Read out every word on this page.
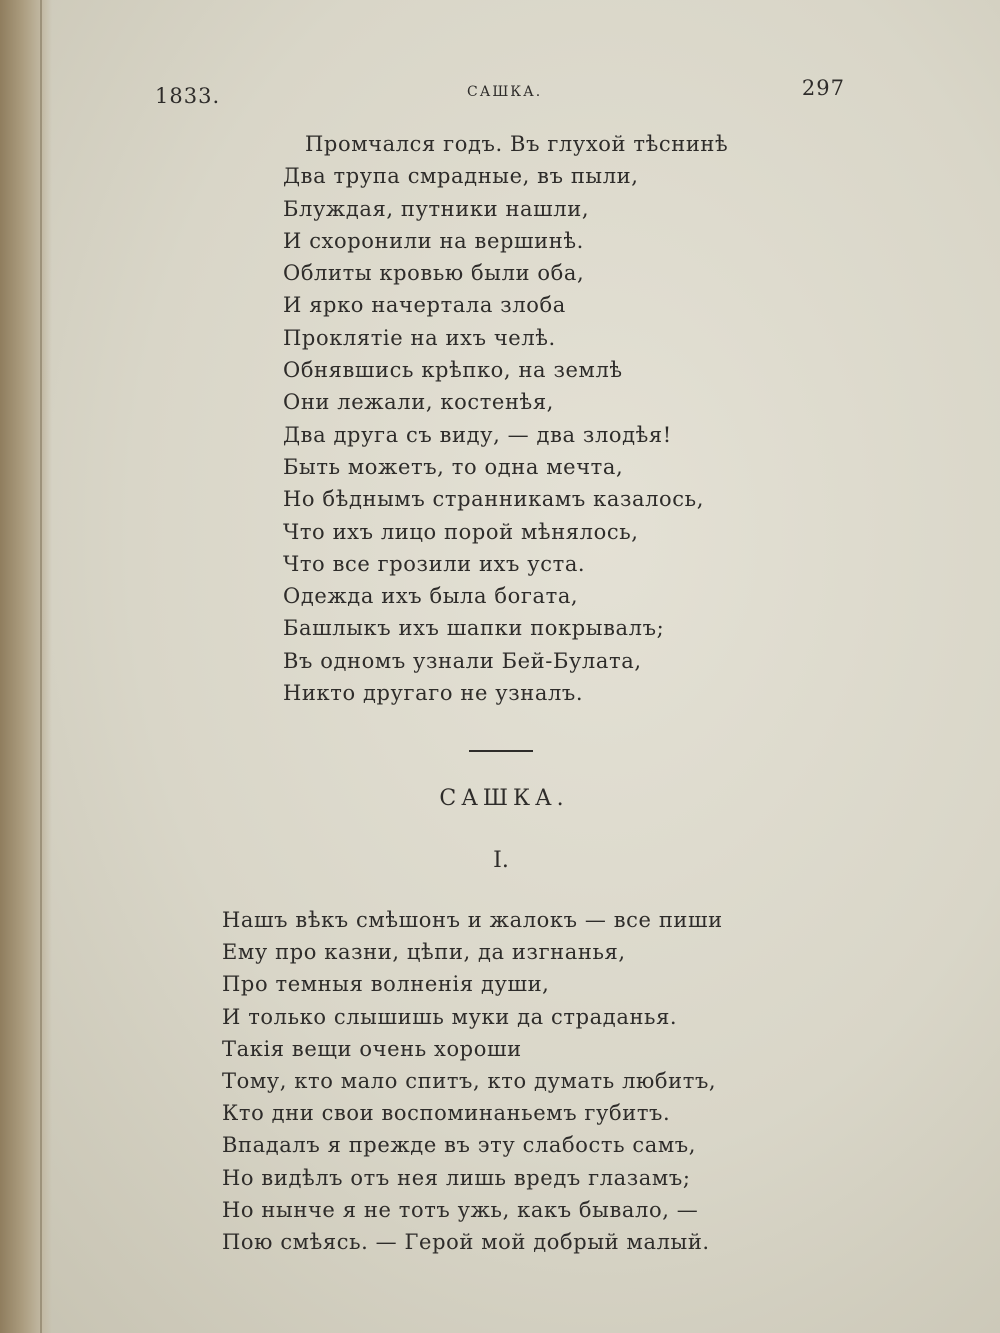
1833.	САШКА.	297
Промчался годъ. Въ глухой тѣснинѣ
Два трупа смрадные, въ пыли,
Блуждая, путники нашли,
И схоронили на вершинѣ.
Облиты кровью были оба,
И ярко начертала злоба
Проклятіе на ихъ челѣ.
Обнявшись крѣпко, на землѣ
Они лежали, костенѣя,
Два друга съ виду, — два злодѣя!
Быть можетъ, то одна мечта,
Но бѣднымъ странникамъ казалось,
Что ихъ лицо порой мѣнялось,
Что все грозили ихъ уста.
Одежда ихъ была богата,
Башлыкъ ихъ шапки покрывалъ;
Въ одномъ узнали Бей-Булата,
Никто другаго не узналъ.
САШКА.
I.
Нашъ вѣкъ смѣшонъ и жалокъ — все пиши
Ему про казни, цѣпи, да изгнанья,
Про темныя волненія души,
И только слышишь муки да страданья.
Такія вещи очень хороши
Тому, кто мало спитъ, кто думать любитъ,
Кто дни свои воспоминаньемъ губитъ.
Впадалъ я прежде въ эту слабость самъ,
Но видѣлъ отъ нея лишь вредъ глазамъ;
Но нынче я не тотъ ужь, какъ бывало, —
Пою смѣясь. — Герой мой добрый малый.
